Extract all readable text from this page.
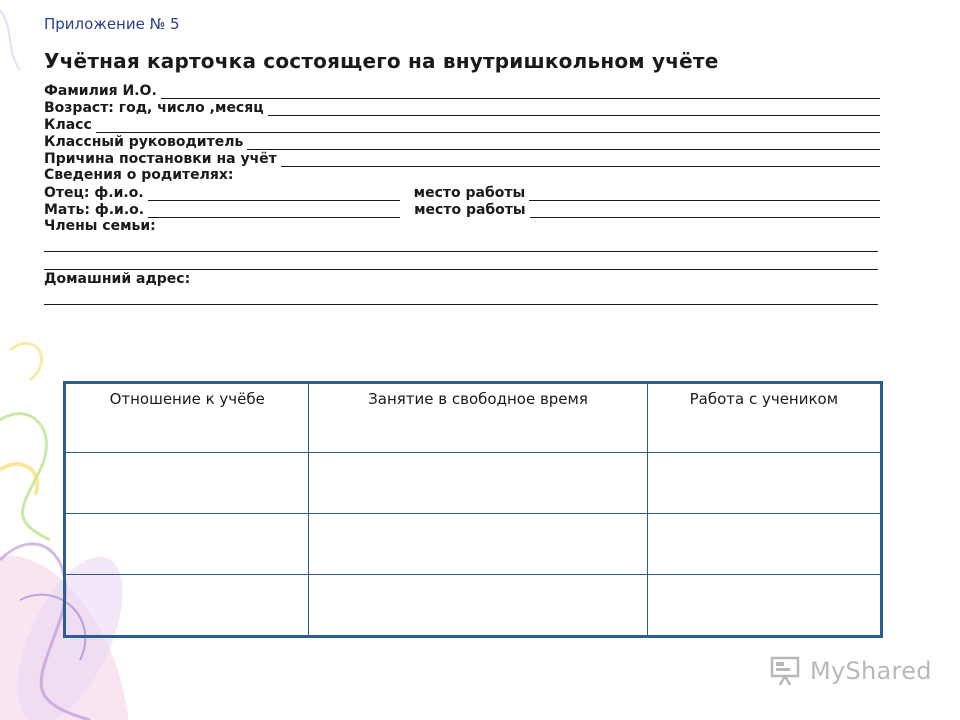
Приложение № 5
Учётная карточка состоящего на внутришкольном учёте
Фамилия И.О.
Возраст: год, число ,месяц
Класс
Классный руководитель
Причина постановки на учёт
Сведения о родителях:
Отец: ф.и.о.	место работы
Мать: ф.и.о.	место работы
Члены семьи:
Домашний адрес:
Отношение к учёбе	Занятие в свободное время	Работа с учеником

MyShared
